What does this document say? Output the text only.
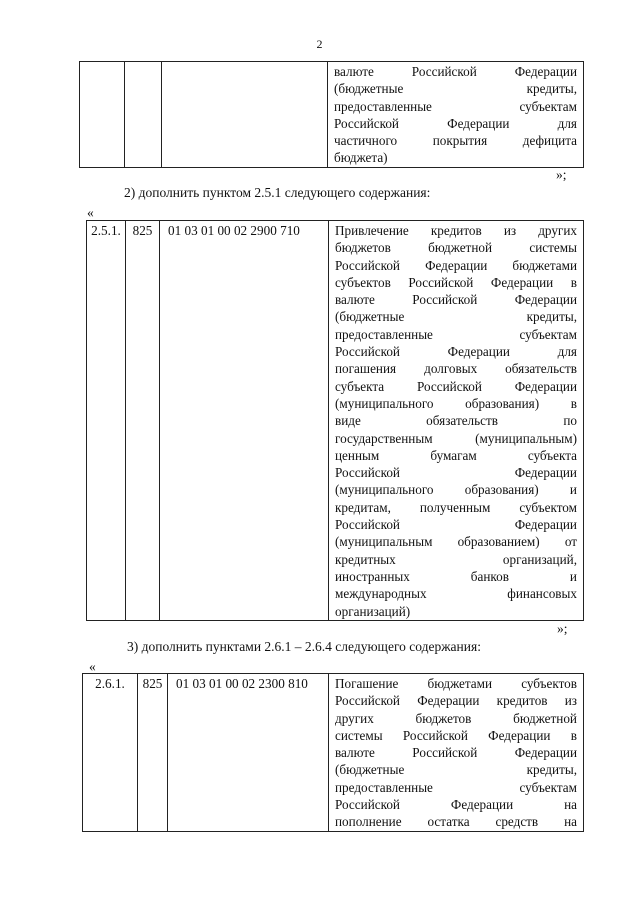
2

валюте Российской Федерации
(бюджетные кредиты,
предоставленные субъектам
Российской Федерации для
частичного покрытия дефицита
бюджета)
»;
2) дополнить пунктом 2.5.1 следующего содержания:
«
2.5.1.	825	01 03 01 00 02 2900 710	Привлечение кредитов из других
бюджетов бюджетной системы
Российской Федерации бюджетами
субъектов Российской Федерации в
валюте Российской Федерации
(бюджетные кредиты,
предоставленные субъектам
Российской Федерации для
погашения долговых обязательств
субъекта Российской Федерации
(муниципального образования) в
виде обязательств по
государственным (муниципальным)
ценным бумагам субъекта
Российской Федерации
(муниципального образования) и
кредитам, полученным субъектом
Российской Федерации
(муниципальным образованием) от
кредитных организаций,
иностранных банков и
международных финансовых
организаций)
»;
3) дополнить пунктами 2.6.1 – 2.6.4 следующего содержания:
«
2.6.1.	825	01 03 01 00 02 2300 810	Погашение бюджетами субъектов
Российской Федерации кредитов из
других бюджетов бюджетной
системы Российской Федерации в
валюте Российской Федерации
(бюджетные кредиты,
предоставленные субъектам
Российской Федерации на
пополнение остатка средств на
